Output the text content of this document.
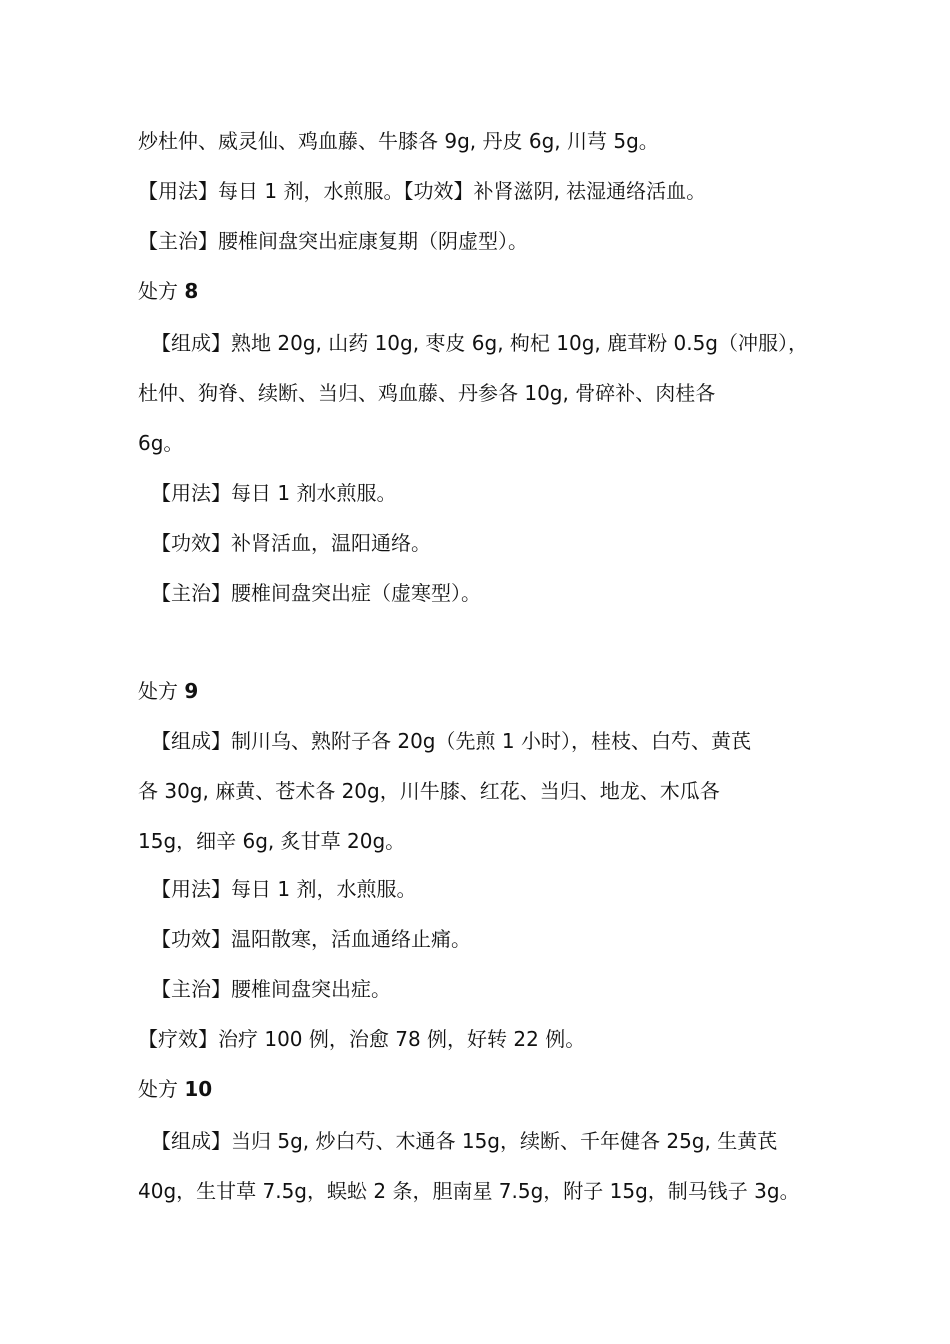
炒杜仲、威灵仙、鸡血藤、牛膝各 9g, 丹皮 6g, 川芎 5g。
【用法】每日 1 剂，水煎服。【功效】补肾滋阴, 祛湿通络活血。
【主治】腰椎间盘突出症康复期（阴虚型）。
处方 8
【组成】熟地 20g, 山药 10g, 枣皮 6g, 枸杞 10g, 鹿茸粉 0.5g（冲服），
杜仲、狗脊、续断、当归、鸡血藤、丹参各 10g, 骨碎补、肉桂各
6g。
【用法】每日 1 剂水煎服。
【功效】补肾活血，温阳通络。
【主治】腰椎间盘突出症（虚寒型）。
处方 9
【组成】制川乌、熟附子各 20g（先煎 1 小时），桂枝、白芍、黄芪
各 30g, 麻黄、苍术各 20g，川牛膝、红花、当归、地龙、木瓜各
15g，细辛 6g, 炙甘草 20g。
【用法】每日 1 剂，水煎服。
【功效】温阳散寒，活血通络止痛。
【主治】腰椎间盘突出症。
【疗效】治疗 100 例，治愈 78 例，好转 22 例。
处方 10
【组成】当归 5g, 炒白芍、木通各 15g，续断、千年健各 25g, 生黄芪
40g，生甘草 7.5g，蜈蚣 2 条，胆南星 7.5g，附子 15g，制马钱子 3g。
